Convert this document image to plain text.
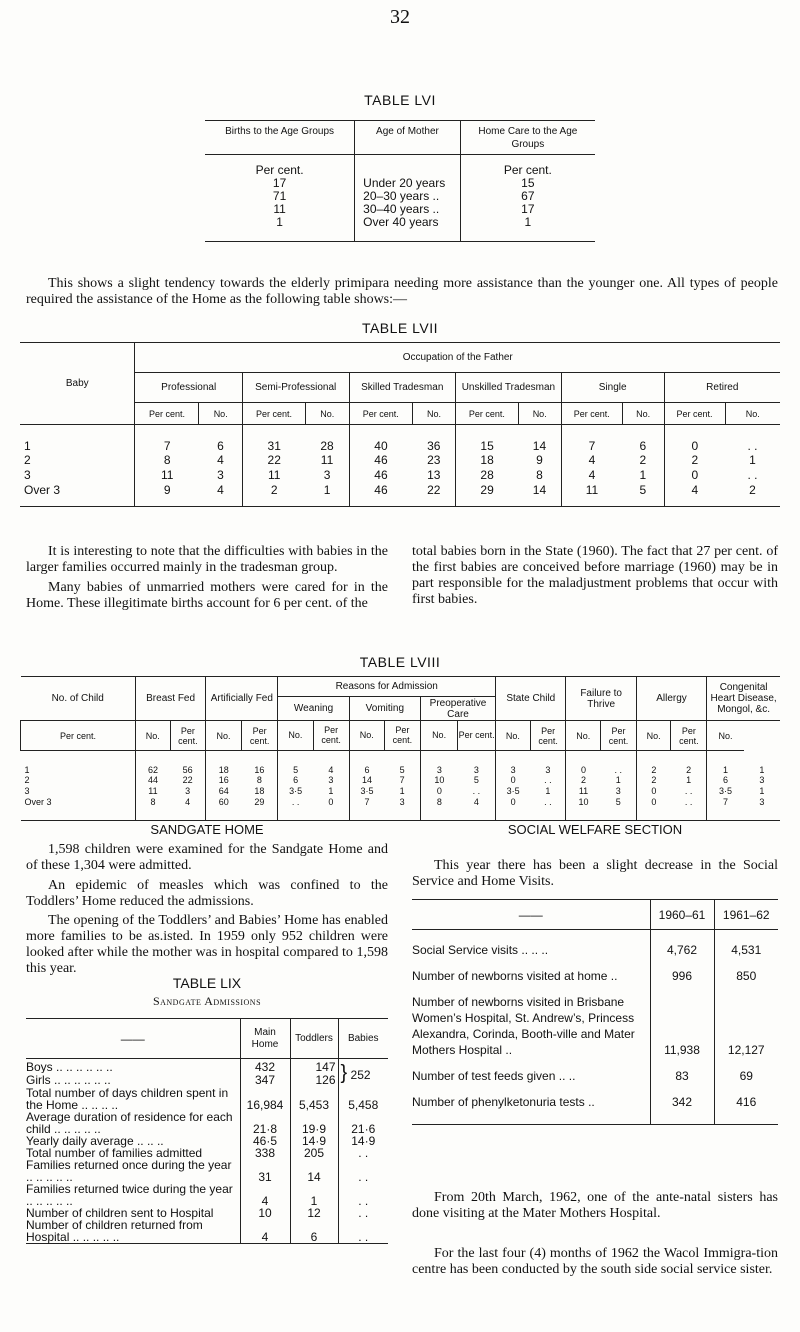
32
TABLE LVI
Births to the Age Groups	Age of Mother	Home Care to the Age Groups
Per cent.		Per cent.
17	Under 20 years	15
71	20–30 years ..	67
11	30–40 years ..	17
1	Over 40 years	1
This shows a slight tendency towards the elderly primipara needing more assistance than the younger one. All types of people required the assistance of the Home as the following table shows:—
TABLE LVII
Baby	Occupation of the Father											
	Professional		Semi-Professional		Skilled Tradesman		Unskilled Tradesman		Single		Retired	
	Per cent.	No.	Per cent.	No.	Per cent.	No.	Per cent.	No.	Per cent.	No.	Per cent.	No.
1	7	6	31	28	40	36	15	14	7	6	0	. .
2	8	4	22	11	46	23	18	9	4	2	2	1
3	11	3	11	3	46	13	28	8	4	1	0	. .
Over 3	9	4	2	1	46	22	29	14	11	5	4	2
It is interesting to note that the difficulties with babies in the larger families occurred mainly in the tradesman group.
Many babies of unmarried mothers were cared for in the Home. These illegitimate births account for 6 per cent. of the
total babies born in the State (1960). The fact that 27 per cent. of the first babies are conceived before marriage (1960) may be in part responsible for the maladjustment problems that occur with first babies.
TABLE LVIII
No. of Child	Breast Fed		Artificially Fed		Reasons for Admission						State Child		Failure to Thrive		Allergy		Congenital Heart Disease, Mongol, &c.	
					Weaning		Vomiting		Preoperative Care									

Per cent.	No.	Per cent.	No.	Per cent.	No.	Per cent.	No.	Per cent.	No.	Per cent.	No.	Per cent.	No.	Per cent.	No.	Per cent.	No.	
1	62	56	18	16	5	4	6	5	3	3	3	3	0	. .	2	2	1	1
2	44	22	16	8	6	3	14	7	10	5	0	. .	2	1	2	1	6	3
3	11	3	64	18	3·5	1	3·5	1	0	. .	3·5	1	11	3	0	. .	3·5	1
Over 3	8	4	60	29	. .	0	7	3	8	4	0	. .	10	5	0	. .	7	3
SANDGATE HOME
1,598 children were examined for the Sandgate Home and of these 1,304 were admitted.
An epidemic of measles which was confined to the Toddlers’ Home reduced the admissions.
The opening of the Toddlers’ and Babies’ Home has enabled more families to be as.isted. In 1959 only 952 children were looked after while the mother was in hospital compared to 1,598 this year.
TABLE LIX
Sandgate Admissions
——	Main Home	Toddlers	Babies
Boys .. .. .. .. .. ..	432	147	} 252
Girls .. .. .. .. .. ..	347	126	
Total number of days children spent in the Home .. .. .. ..	16,984	5,453	5,458
Average duration of residence for each child .. .. .. .. ..	21·8	19·9	21·6
Yearly daily average .. .. ..	46·5	14·9	14·9
Total number of families admitted	338	205	. .
Families returned once during the year .. .. .. .. ..	31	14	. .
Families returned twice during the year .. .. .. .. ..	4	1	. .
Number of children sent to Hospital	10	12	. .
Number of children returned from Hospital .. .. .. .. ..	4	6	. .
SOCIAL WELFARE SECTION
This year there has been a slight decrease in the Social Service and Home Visits.
——	1960–61	1961–62
Social Service visits .. .. ..	4,762	4,531
Number of newborns visited at home ..	996	850
Number of newborns visited in Brisbane Women’s Hospital, St. Andrew’s, Princess Alexandra, Corinda, Booth-ville and Mater Mothers Hospital ..	11,938	12,127
Number of test feeds given .. ..	83	69
Number of phenylketonuria tests ..	342	416

From 20th March, 1962, one of the ante-natal sisters has done visiting at the Mater Mothers Hospital.
For the last four (4) months of 1962 the Wacol Immigra-tion centre has been conducted by the south side social service sister.
